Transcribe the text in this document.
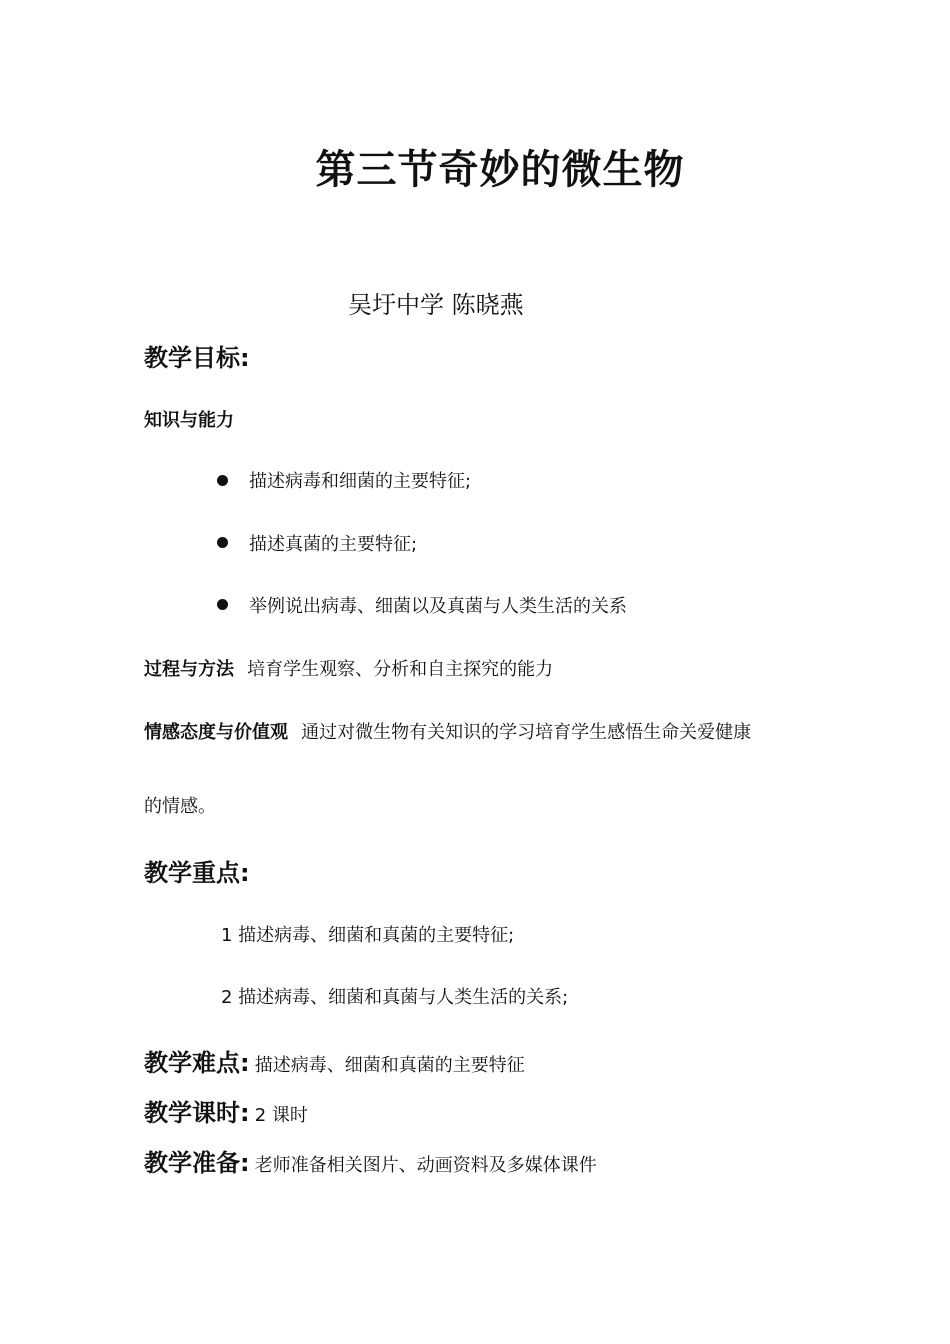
第三节奇妙的微生物
吴圩中学 陈晓燕
教学目标:
知识与能力
描述病毒和细菌的主要特征;
描述真菌的主要特征;
举例说出病毒、细菌以及真菌与人类生活的关系
过程与方法 培育学生观察、分析和自主探究的能力
情感态度与价值观 通过对微生物有关知识的学习培育学生感悟生命关爱健康
的情感。
教学重点:
1 描述病毒、细菌和真菌的主要特征;
2 描述病毒、细菌和真菌与人类生活的关系;
教学难点: 描述病毒、细菌和真菌的主要特征
教学课时: 2 课时
教学准备: 老师准备相关图片、动画资料及多媒体课件
